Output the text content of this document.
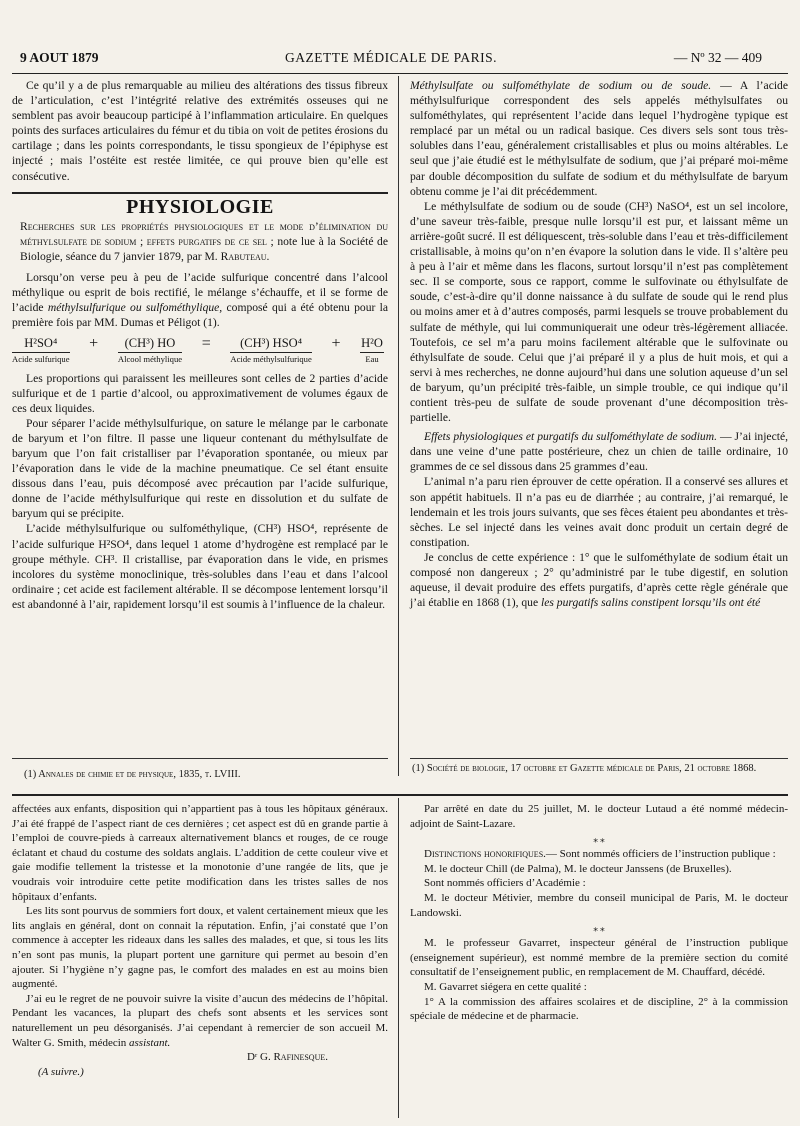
9 AOUT 1879	GAZETTE MÉDICALE DE PARIS.	— Nº 32 — 409

Ce qu’il y a de plus remarquable au milieu des altérations des tissus fibreux de l’articulation, c’est l’intégrité relative des extrémités osseuses qui ne semblent pas avoir beaucoup participé à l’inflammation articulaire. En quelques points des surfaces articulaires du fémur et du tibia on voit de petites érosions du cartilage ; dans les points correspondants, le tissu spongieux de l’épiphyse est injecté ; mais l’ostéite est restée limitée, ce qui prouve bien qu’elle est consécutive.

PHYSIOLOGIE

Recherches sur les propriétés physiologiques et le mode d’élimination du méthylsulfate de sodium ; effets purgatifs de ce sel ; note lue à la Société de Biologie, séance du 7 janvier 1879, par M. Rabuteau.

Lorsqu’on verse peu à peu de l’acide sulfurique concentré dans l’alcool méthylique ou esprit de bois rectifié, le mélange s’échauffe, et il se forme de l’acide méthylsulfurique ou sulfométhylique, composé qui a été obtenu pour la première fois par MM. Dumas et Péligot (1).

H²SO⁴
Acide sulfurique
+	(CH³) HO
Alcool méthylique
=	(CH³) HSO⁴
Acide méthylsulfurique
+ H²O
Eau

Les proportions qui paraissent les meilleures sont celles de 2 parties d’acide sulfurique et de 1 partie d’alcool, ou approximativement de volumes égaux de ces deux liquides.

Pour séparer l’acide méthylsulfurique, on sature le mélange par le carbonate de baryum et l’on filtre. Il passe une liqueur contenant du méthylsulfate de baryum que l’on fait cristalliser par l’évaporation spontanée, ou mieux par l’évaporation dans le vide de la machine pneumatique. Ce sel étant ensuite dissous dans l’eau, puis décomposé avec précaution par l’acide sulfurique, donne de l’acide méthylsulfurique qui reste en dissolution et du sulfate de baryum qui se précipite.

L’acide méthylsulfurique ou sulfométhylique, (CH³) HSO⁴, représente de l’acide sulfurique H²SO⁴, dans lequel 1 atome d’hydrogène est remplacé par le groupe méthyle. CH³. Il cristallise, par évaporation dans le vide, en prismes incolores du système monoclinique, très-solubles dans l’eau et dans l’alcool ordinaire ; cet acide est facilement altérable. Il se décompose lentement lorsqu’il est abandonné à l’air, rapidement lorsqu’il est soumis à l’influence de la chaleur.

Méthylsulfate ou sulfométhylate de sodium ou de soude. — A l’acide méthylsulfurique correspondent des sels appelés méthylsulfates ou sulfométhylates, qui représentent l’acide dans lequel l’hydrogène typique est remplacé par un métal ou un radical basique. Ces divers sels sont tous très-solubles dans l’eau, généralement cristallisables et plus ou moins altérables. Le seul que j’aie étudié est le méthylsulfate de sodium, que j’ai préparé moi-même par double décomposition du sulfate de sodium et du méthylsulfate de baryum obtenu comme je l’ai dit précédemment.

Le méthylsulfate de sodium ou de soude (CH³) NaSO⁴, est un sel incolore, d’une saveur très-faible, presque nulle lorsqu’il est pur, et laissant même un arrière-goût sucré. Il est déliquescent, très-soluble dans l’eau et très-difficilement cristallisable, à moins qu’on n’en évapore la solution dans le vide. Il s’altère peu à peu à l’air et même dans les flacons, surtout lorsqu’il n’est pas complètement sec. Il se comporte, sous ce rapport, comme le sulfovinate ou éthylsulfate de soude, c’est-à-dire qu’il donne naissance à du sulfate de soude qui le rend plus ou moins amer et à d’autres composés, parmi lesquels se trouve probablement du sulfate de méthyle, qui lui communiquerait une odeur très-légèrement alliacée. Toutefois, ce sel m’a paru moins facilement altérable que le sulfovinate ou éthylsulfate de soude. Celui que j’ai préparé il y a plus de huit mois, et qui a servi à mes recherches, ne donne aujourd’hui dans une solution aqueuse d’un sel de baryum, qu’un précipité très-faible, un simple trouble, ce qui indique qu’il contient très-peu de sulfate de soude provenant d’une décomposition très-partielle.

Effets physiologiques et purgatifs du sulfométhylate de sodium. — J’ai injecté, dans une veine d’une patte postérieure, chez un chien de taille ordinaire, 10 grammes de ce sel dissous dans 25 grammes d’eau.

L’animal n’a paru rien éprouver de cette opération. Il a conservé ses allures et son appétit habituels. Il n’a pas eu de diarrhée ; au contraire, j’ai remarqué, le lendemain et les trois jours suivants, que ses fèces étaient peu abondantes et très-sèches. Le sel injecté dans les veines avait donc produit un certain degré de constipation.

Je conclus de cette expérience : 1° que le sulfométhylate de sodium était un composé non dangereux ; 2° qu’administré par le tube digestif, en solution aqueuse, il devait produire des effets purgatifs, d’après cette règle générale que j’ai établie en 1868 (1), que les purgatifs salins constipent lorsqu’ils ont été

(1) Annales de chimie et de physique, 1835, t. LVIII.
(1) Société de biologie, 17 octobre et Gazette médicale de Paris, 21 octobre 1868.

affectées aux enfants, disposition qui n’appartient pas à tous les hôpitaux généraux. J’ai été frappé de l’aspect riant de ces dernières ; cet aspect est dû en grande partie à l’emploi de couvre-pieds à carreaux alternativement blancs et rouges, de ce rouge éclatant et chaud du costume des soldats anglais. L’addition de cette couleur vive et gaie modifie tellement la tristesse et la monotonie d’une rangée de lits, que je voudrais voir introduire cette petite modification dans les tristes salles de nos hôpitaux d’enfants.

Les lits sont pourvus de sommiers fort doux, et valent certainement mieux que les lits anglais en général, dont on connait la réputation. Enfin, j’ai constaté que l’on commence à accepter les rideaux dans les salles des malades, et que, si tous les lits n’en sont pas munis, la plupart portent une garniture qui permet au besoin d’en ajouter. Si l’hygiène n’y gagne pas, le comfort des malades en est au moins bien augmenté.

J’ai eu le regret de ne pouvoir suivre la visite d’aucun des médecins de l’hôpital. Pendant les vacances, la plupart des chefs sont absents et les services sont naturellement un peu désorganisés. J’ai cependant à remercier de son accueil M. Walter G. Smith, médecin assistant.

Dʳ G. Rafinesque.

(A suivre.)

Par arrêté en date du 25 juillet, M. le docteur Lutaud a été nommé médecin-adjoint de Saint-Lazare.

⁎ ⁎

Distinctions honorifiques.— Sont nommés officiers de l’instruction publique :

M. le docteur Chill (de Palma), M. le docteur Janssens (de Bruxelles).

Sont nommés officiers d’Académie :

M. le docteur Métivier, membre du conseil municipal de Paris, M. le docteur Landowski.

⁎ ⁎

M. le professeur Gavarret, inspecteur général de l’instruction publique (enseignement supérieur), est nommé membre de la première section du comité consultatif de l’enseignement public, en remplacement de M. Chauffard, décédé.

M. Gavarret siégera en cette qualité :

1° A la commission des affaires scolaires et de discipline, 2° à la commission spéciale de médecine et de pharmacie.
